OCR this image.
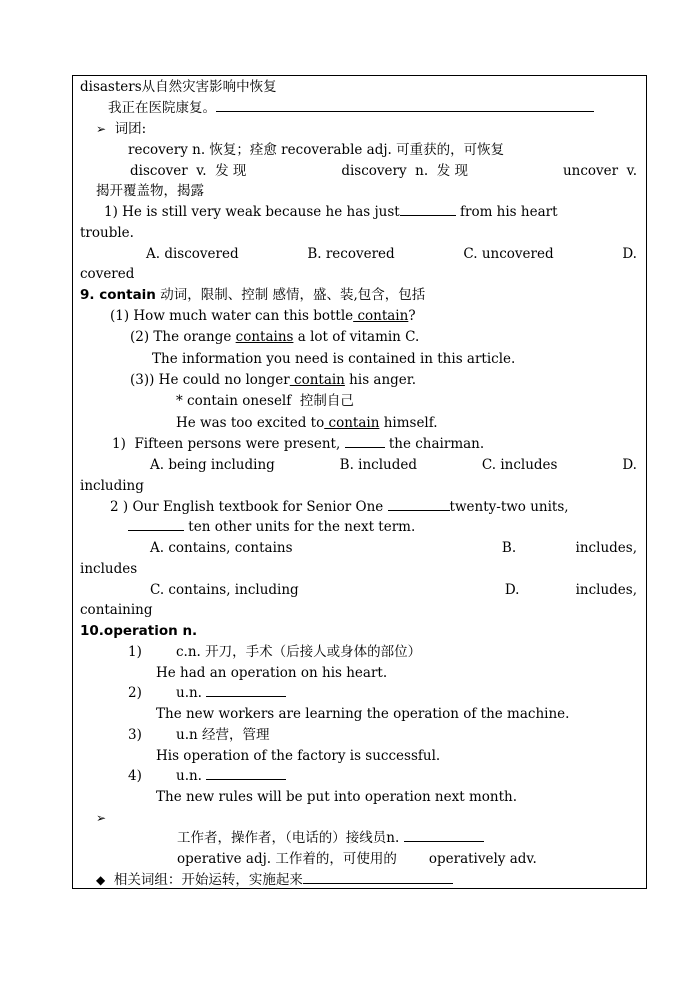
disasters从自然灾害影响中恢复
我正在医院康复。
➢ 词团:
recovery n. 恢复；痊愈 recoverable adj. 可重获的，可恢复
discover  v.  发 现	discovery  n.  发 现	uncover  v.
揭开覆盖物，揭露
1) He is still very weak because he has just	from his heart
trouble.
A. discovered	B. recovered	C. uncovered	D.
covered
9. contain 动词，限制、控制 感情，盛、装,包含，包括
(1) How much water can this bottle contain?
(2) The orange contains a lot of vitamin C.
The information you need is contained in this article.
(3)) He could no longer contain his anger.
* contain oneself  控制自己
He was too excited to contain himself.
1)  Fifteen persons were present,	the chairman.
A. being including	B. included	C. includes	D.
including
2 ) Our English textbook for Senior One	twenty-two units,
ten other units for the next term.
A. contains, contains	B.	includes,
includes
C. contains, including	D.	includes,
containing
10.operation n.
1)	c.n. 开刀，手术（后接人或身体的部位）
He had an operation on his heart.
2)	u.n.
The new workers are learning the operation of the machine.
3)	u.n 经营，管理
His operation of the factory is successful.
4)	u.n.
The new rules will be put into operation next month.
➢
工作者，操作者，（电话的）接线员n.
operative adj. 工作着的，可使用的 operatively adv.
◆ 相关词组：开始运转，实施起来
